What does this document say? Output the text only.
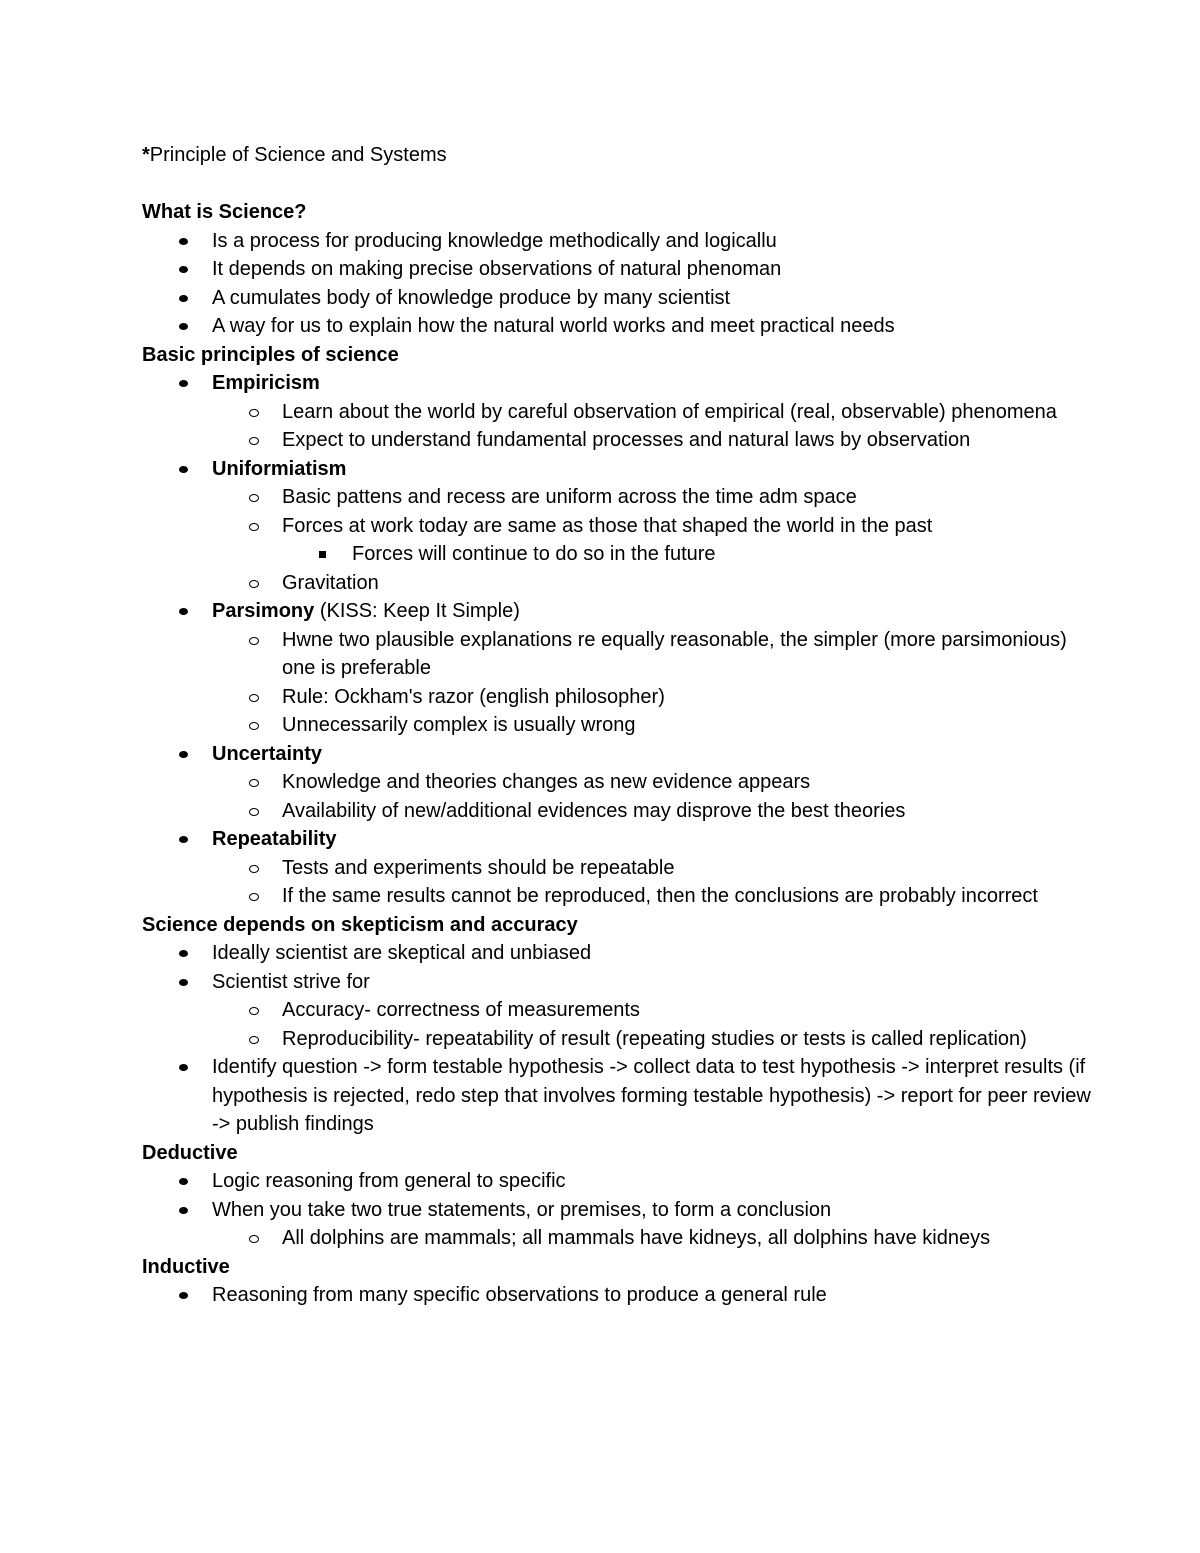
*Principle of Science and Systems

What is Science?

Is a process for producing knowledge methodically and logicallu
It depends on making precise observations of natural phenoman
A cumulates body of knowledge produce by many scientist
A way for us to explain how the natural world works and meet practical needs

Basic principles of science

Empiricism
Learn about the world by careful observation of empirical (real, observable) phenomena
Expect to understand fundamental processes and natural laws by observation
Uniformiatism
Basic pattens and recess are uniform across the time adm space
Forces at work today are same as those that shaped the world in the past
Forces will continue to do so in the future
Gravitation
Parsimony (KISS: Keep It Simple)
Hwne two plausible explanations re equally reasonable, the simpler (more parsimonious) one is preferable
Rule: Ockham's razor (english philosopher)
Unnecessarily complex is usually wrong
Uncertainty
Knowledge and theories changes as new evidence appears
Availability of new/additional evidences may disprove the best theories
Repeatability
Tests and experiments should be repeatable
If the same results cannot be reproduced, then the conclusions are probably incorrect

Science depends on skepticism and accuracy

Ideally scientist are skeptical and unbiased
Scientist strive for
Accuracy- correctness of measurements
Reproducibility- repeatability of result (repeating studies or tests is called replication)
Identify question -> form testable hypothesis -> collect data to test hypothesis -> interpret results (if hypothesis is rejected, redo step that involves forming testable hypothesis) -> report for peer review -> publish findings

Deductive

Logic reasoning from general to specific
When you take two true statements, or premises, to form a conclusion
All dolphins are mammals; all mammals have kidneys, all dolphins have kidneys

Inductive

Reasoning from many specific observations to produce a general rule
